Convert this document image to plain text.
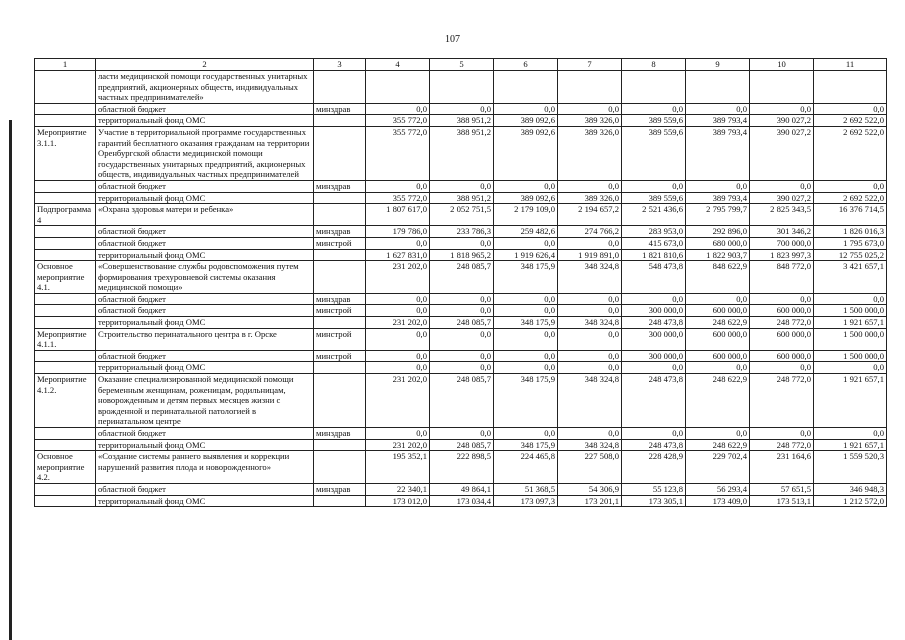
107
1	2	3	4	5	6	7	8	9	10	11
	ласти медицинской помощи государственных унитарных предприятий, акционерных обществ, индивидуальных частных предпринимателей»									
	областной бюджет	минздрав	0,0	0,0	0,0	0,0	0,0	0,0	0,0	0,0
	территориальный фонд ОМС		355 772,0	388 951,2	389 092,6	389 326,0	389 559,6	389 793,4	390 027,2	2 692 522,0
Мероприятие 3.1.1.	Участие в территориальной программе государственных гарантий бесплатного оказания гражданам на территории Оренбургской области медицинской помощи государственных унитарных предприятий, акционерных обществ, индивидуальных частных предпринимателей		355 772,0	388 951,2	389 092,6	389 326,0	389 559,6	389 793,4	390 027,2	2 692 522,0
	областной бюджет	минздрав	0,0	0,0	0,0	0,0	0,0	0,0	0,0	0,0
	территориальный фонд ОМС		355 772,0	388 951,2	389 092,6	389 326,0	389 559,6	389 793,4	390 027,2	2 692 522,0
Подпрограмма 4	«Охрана здоровья матери и ребенка»		1 807 617,0	2 052 751,5	2 179 109,0	2 194 657,2	2 521 436,6	2 795 799,7	2 825 343,5	16 376 714,5
	областной бюджет	минздрав	179 786,0	233 786,3	259 482,6	274 766,2	283 953,0	292 896,0	301 346,2	1 826 016,3
	областной бюджет	минстрой	0,0	0,0	0,0	0,0	415 673,0	680 000,0	700 000,0	1 795 673,0
	территориальный фонд ОМС		1 627 831,0	1 818 965,2	1 919 626,4	1 919 891,0	1 821 810,6	1 822 903,7	1 823 997,3	12 755 025,2
Основное мероприятие 4.1.	«Совершенствование службы родовспоможения путем формирования трехуровневой системы оказания медицинской помощи»		231 202,0	248 085,7	348 175,9	348 324,8	548 473,8	848 622,9	848 772,0	3 421 657,1
	областной бюджет	минздрав	0,0	0,0	0,0	0,0	0,0	0,0	0,0	0,0
	областной бюджет	минстрой	0,0	0,0	0,0	0,0	300 000,0	600 000,0	600 000,0	1 500 000,0
	территориальный фонд ОМС		231 202,0	248 085,7	348 175,9	348 324,8	248 473,8	248 622,9	248 772,0	1 921 657,1
Мероприятие 4.1.1.	Строительство перинатального центра в г. Орске	минстрой	0,0	0,0	0,0	0,0	300 000,0	600 000,0	600 000,0	1 500 000,0
	областной бюджет	минстрой	0,0	0,0	0,0	0,0	300 000,0	600 000,0	600 000,0	1 500 000,0
	территориальный фонд ОМС		0,0	0,0	0,0	0,0	0,0	0,0	0,0	0,0
Мероприятие 4.1.2.	Оказание специализированной медицинской помощи беременным женщинам, роженицам, родильницам, новорожденным и детям первых месяцев жизни с врожденной и перинатальной патологией в перинатальном центре		231 202,0	248 085,7	348 175,9	348 324,8	248 473,8	248 622,9	248 772,0	1 921 657,1
	областной бюджет	минздрав	0,0	0,0	0,0	0,0	0,0	0,0	0,0	0,0
	территориальный фонд ОМС		231 202,0	248 085,7	348 175,9	348 324,8	248 473,8	248 622,9	248 772,0	1 921 657,1
Основное мероприятие 4.2.	«Создание системы раннего выявления и коррекции нарушений развития плода и новорожденного»		195 352,1	222 898,5	224 465,8	227 508,0	228 428,9	229 702,4	231 164,6	1 559 520,3
	областной бюджет	минздрав	22 340,1	49 864,1	51 368,5	54 306,9	55 123,8	56 293,4	57 651,5	346 948,3
	территориальный фонд ОМС		173 012,0	173 034,4	173 097,3	173 201,1	173 305,1	173 409,0	173 513,1	1 212 572,0
